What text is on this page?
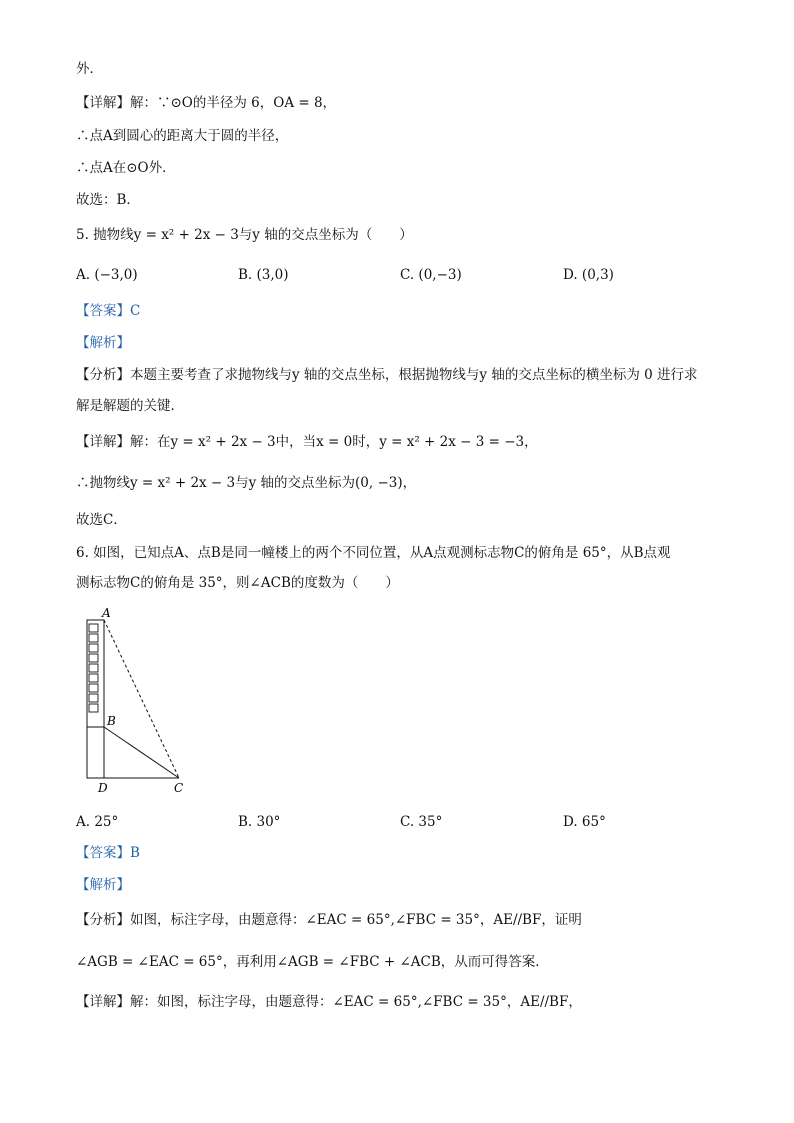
外．
【详解】解：∵⊙O的半径为 6，OA = 8，
∴点A到圆心的距离大于圆的半径，
∴点A在⊙O外．
故选：B．
5. 抛物线y = x² + 2x − 3与y 轴的交点坐标为（　　）
A. (−3,0)	B. (3,0)	C. (0,−3)	D. (0,3)
【答案】C
【解析】
【分析】本题主要考查了求抛物线与y 轴的交点坐标，根据抛物线与y 轴的交点坐标的横坐标为 0 进行求
解是解题的关键．
【详解】解：在y = x² + 2x − 3中，当x = 0时，y = x² + 2x − 3 = −3，
∴抛物线y = x² + 2x − 3与y 轴的交点坐标为(0, −3)，
故选C．
6. 如图，已知点A、点B是同一幢楼上的两个不同位置，从A点观测标志物C的俯角是 65°，从B点观
测标志物C的俯角是 35°，则∠ACB的度数为（　　）
A
B
D	C
A. 25°	B. 30°	C. 35°	D. 65°
【答案】B
【解析】
【分析】如图，标注字母，由题意得：∠EAC = 65°,∠FBC = 35°，AE//BF，证明
∠AGB = ∠EAC = 65°，再利用∠AGB = ∠FBC + ∠ACB，从而可得答案．
【详解】解：如图，标注字母，由题意得：∠EAC = 65°,∠FBC = 35°，AE//BF，
